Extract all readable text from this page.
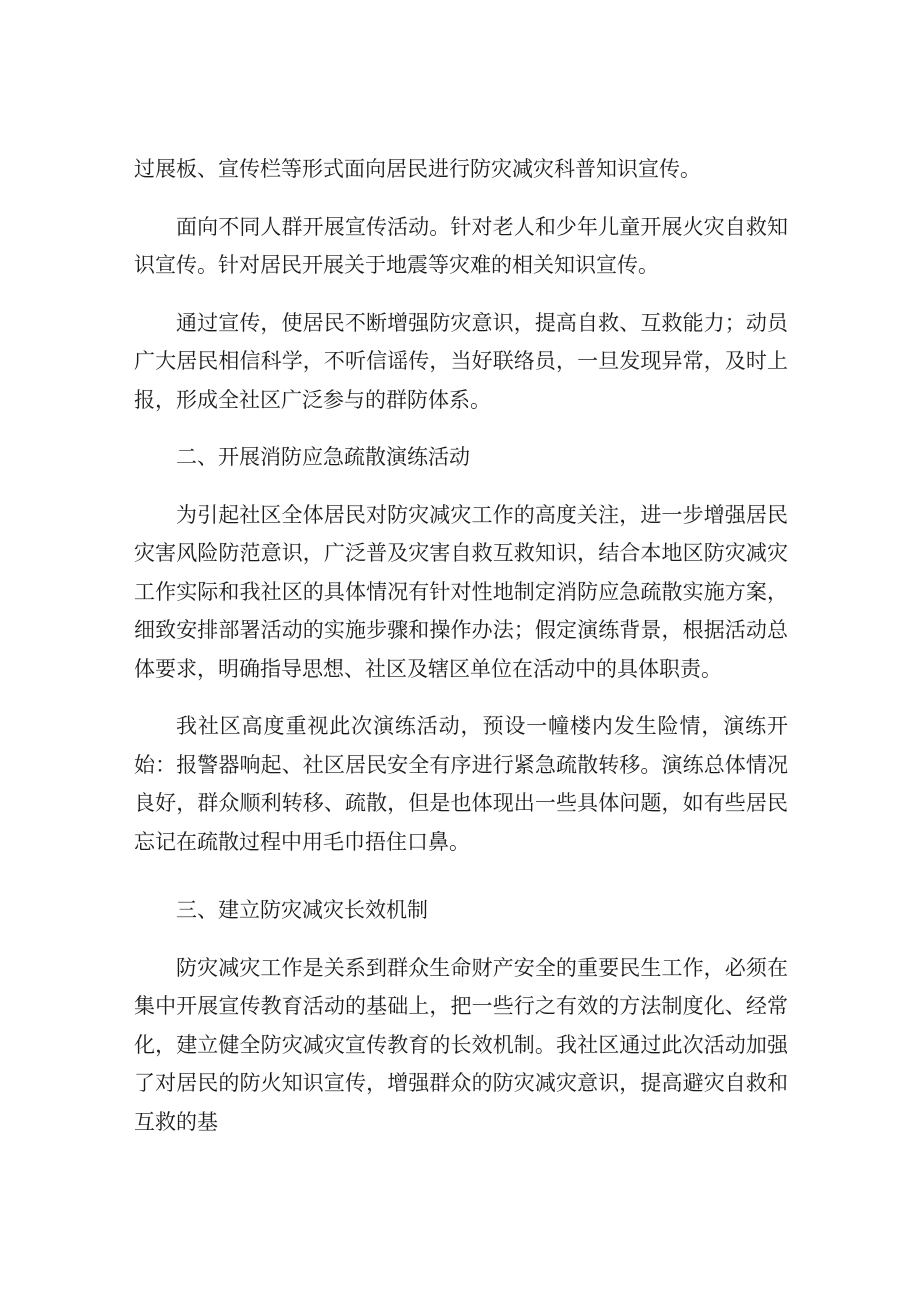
过展板、宣传栏等形式面向居民进行防灾减灾科普知识宣传。

面向不同人群开展宣传活动。针对老人和少年儿童开展火灾自救知识宣传。针对居民开展关于地震等灾难的相关知识宣传。

通过宣传，使居民不断增强防灾意识，提高自救、互救能力；动员广大居民相信科学，不听信谣传，当好联络员，一旦发现异常，及时上报，形成全社区广泛参与的群防体系。

二、开展消防应急疏散演练活动

为引起社区全体居民对防灾减灾工作的高度关注，进一步增强居民灾害风险防范意识，广泛普及灾害自救互救知识，结合本地区防灾减灾工作实际和我社区的具体情况有针对性地制定消防应急疏散实施方案，细致安排部署活动的实施步骤和操作办法；假定演练背景，根据活动总体要求，明确指导思想、社区及辖区单位在活动中的具体职责。

我社区高度重视此次演练活动，预设一幢楼内发生险情，演练开始：报警器响起、社区居民安全有序进行紧急疏散转移。演练总体情况良好，群众顺利转移、疏散，但是也体现出一些具体问题，如有些居民忘记在疏散过程中用毛巾捂住口鼻。

三、建立防灾减灾长效机制

防灾减灾工作是关系到群众生命财产安全的重要民生工作，必须在集中开展宣传教育活动的基础上，把一些行之有效的方法制度化、经常化，建立健全防灾减灾宣传教育的长效机制。我社区通过此次活动加强了对居民的防火知识宣传，增强群众的防灾减灾意识，提高避灾自救和互救的基
